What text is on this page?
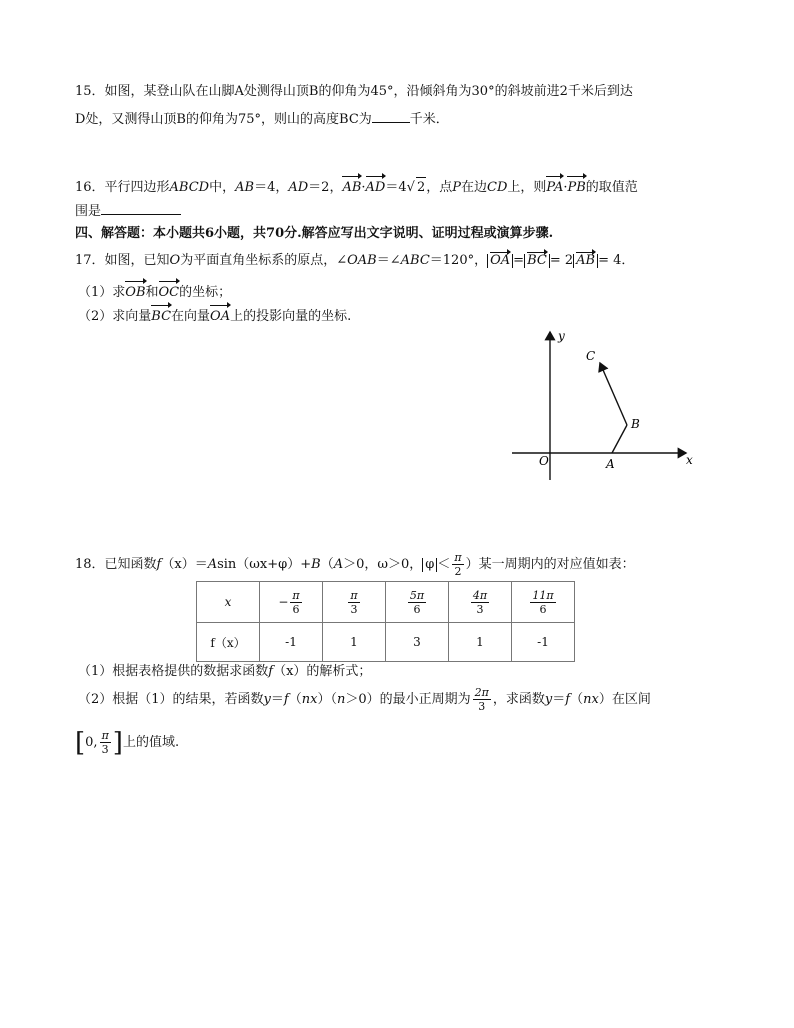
15．如图，某登山队在山脚A处测得山顶B的仰角为45°，沿倾斜角为30°的斜坡前进2千米后到达
D处，又测得山顶B的仰角为75°，则山的高度BC为	千米．
16．平行四边形ABCD中，AB＝4，AD＝2，AB·AD＝4√ 2，点P在边CD上，则PA·PB的取值范
围是
四、解答题：本小题共6小题，共70分.解答应写出文字说明、证明过程或演算步骤.
17．如图，已知O为平面直角坐标系的原点，∠OAB＝∠ABC＝120°， OA = BC = 2 AB = 4．
（1）求OB和OC的坐标；
（2）求向量BC在向量OA上的投影向量的坐标.
y
x
O	A
B
C
18．已知函数f（x）＝Asin（ωx+φ）+B（A＞0，ω＞0， $\varphi < \frac{\pi}{2}$ ）某一周期内的对应值如表：
x	− $\frac{\pi}{6}$	$\frac{\pi}{3}$	$\frac{5\pi}{6}$	$\frac{4\pi}{3}$	$\frac{11\pi}{6}$

f（x）	-1	1	3	1	-1
（1）根据表格提供的数据求函数f（x）的解析式；
（2）根据（1）的结果，若函数y＝f（nx）（n＞0）的最小正周期为 $\frac{2\pi}{3}$ ，求函数y＝f（nx）在区间
[0, $\frac{\pi}{3}$ ]上的值域.
